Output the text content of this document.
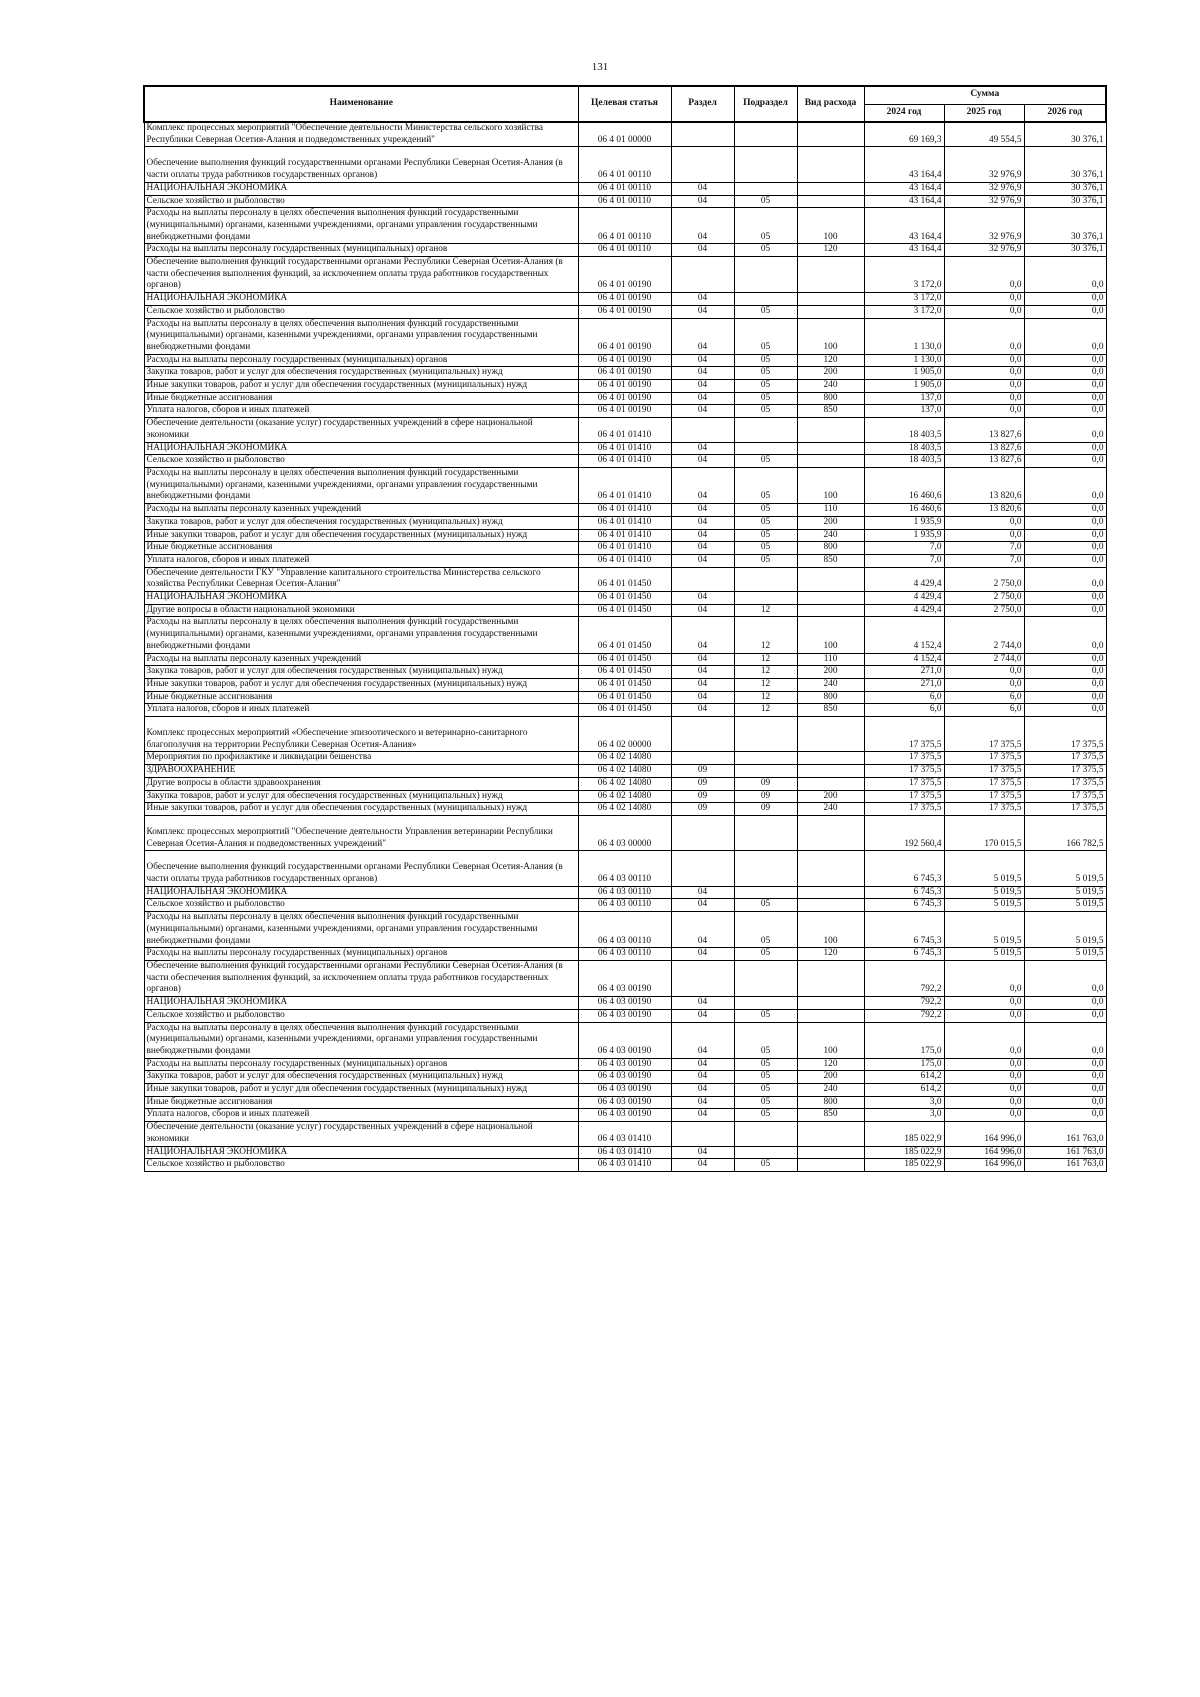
131
Наименование	Целевая статья	Раздел	Подраздел	Вид расхода	Сумма		
					2024 год	2025 год	2026 год
Комплекс процессных мероприятий "Обеспечение деятельности Министерства сельского хозяйства Республики Северная Осетия-Алания и подведомственных учреждений"	06 4 01 00000				69 169,3	49 554,5	30 376,1
Обеспечение выполнения функций государственными органами Республики Северная Осетия-Алания (в части оплаты труда работников государственных органов)	06 4 01 00110				43 164,4	32 976,9	30 376,1
НАЦИОНАЛЬНАЯ ЭКОНОМИКА	06 4 01 00110	04			43 164,4	32 976,9	30 376,1
Сельское хозяйство и рыболовство	06 4 01 00110	04	05		43 164,4	32 976,9	30 376,1
Расходы на выплаты персоналу в целях обеспечения выполнения функций государственными (муниципальными) органами, казенными учреждениями, органами управления государственными внебюджетными фондами	06 4 01 00110	04	05	100	43 164,4	32 976,9	30 376,1
Расходы на выплаты персоналу государственных (муниципальных) органов	06 4 01 00110	04	05	120	43 164,4	32 976,9	30 376,1
Обеспечение выполнения функций государственными органами Республики Северная Осетия-Алания (в части обеспечения выполнения функций, за исключением оплаты труда работников государственных органов)	06 4 01 00190				3 172,0	0,0	0,0
НАЦИОНАЛЬНАЯ ЭКОНОМИКА	06 4 01 00190	04			3 172,0	0,0	0,0
Сельское хозяйство и рыболовство	06 4 01 00190	04	05		3 172,0	0,0	0,0
Расходы на выплаты персоналу в целях обеспечения выполнения функций государственными (муниципальными) органами, казенными учреждениями, органами управления государственными внебюджетными фондами	06 4 01 00190	04	05	100	1 130,0	0,0	0,0
Расходы на выплаты персоналу государственных (муниципальных) органов	06 4 01 00190	04	05	120	1 130,0	0,0	0,0
Закупка товаров, работ и услуг для обеспечения государственных (муниципальных) нужд	06 4 01 00190	04	05	200	1 905,0	0,0	0,0
Иные закупки товаров, работ и услуг для обеспечения государственных (муниципальных) нужд	06 4 01 00190	04	05	240	1 905,0	0,0	0,0
Иные бюджетные ассигнования	06 4 01 00190	04	05	800	137,0	0,0	0,0
Уплата налогов, сборов и иных платежей	06 4 01 00190	04	05	850	137,0	0,0	0,0
Обеспечение деятельности (оказание услуг) государственных учреждений в сфере национальной экономики	06 4 01 01410				18 403,5	13 827,6	0,0
НАЦИОНАЛЬНАЯ ЭКОНОМИКА	06 4 01 01410	04			18 403,5	13 827,6	0,0
Сельское хозяйство и рыболовство	06 4 01 01410	04	05		18 403,5	13 827,6	0,0
Расходы на выплаты персоналу в целях обеспечения выполнения функций государственными (муниципальными) органами, казенными учреждениями, органами управления государственными внебюджетными фондами	06 4 01 01410	04	05	100	16 460,6	13 820,6	0,0
Расходы на выплаты персоналу казенных учреждений	06 4 01 01410	04	05	110	16 460,6	13 820,6	0,0
Закупка товаров, работ и услуг для обеспечения государственных (муниципальных) нужд	06 4 01 01410	04	05	200	1 935,9	0,0	0,0
Иные закупки товаров, работ и услуг для обеспечения государственных (муниципальных) нужд	06 4 01 01410	04	05	240	1 935,9	0,0	0,0
Иные бюджетные ассигнования	06 4 01 01410	04	05	800	7,0	7,0	0,0
Уплата налогов, сборов и иных платежей	06 4 01 01410	04	05	850	7,0	7,0	0,0
Обеспечение деятельности ГКУ "Управление капитального строительства Министерства сельского хозяйства Республики Северная Осетия-Алания"	06 4 01 01450				4 429,4	2 750,0	0,0
НАЦИОНАЛЬНАЯ ЭКОНОМИКА	06 4 01 01450	04			4 429,4	2 750,0	0,0
Другие вопросы в области национальной экономики	06 4 01 01450	04	12		4 429,4	2 750,0	0,0
Расходы на выплаты персоналу в целях обеспечения выполнения функций государственными (муниципальными) органами, казенными учреждениями, органами управления государственными внебюджетными фондами	06 4 01 01450	04	12	100	4 152,4	2 744,0	0,0
Расходы на выплаты персоналу казенных учреждений	06 4 01 01450	04	12	110	4 152,4	2 744,0	0,0
Закупка товаров, работ и услуг для обеспечения государственных (муниципальных) нужд	06 4 01 01450	04	12	200	271,0	0,0	0,0
Иные закупки товаров, работ и услуг для обеспечения государственных (муниципальных) нужд	06 4 01 01450	04	12	240	271,0	0,0	0,0
Иные бюджетные ассигнования	06 4 01 01450	04	12	800	6,0	6,0	0,0
Уплата налогов, сборов и иных платежей	06 4 01 01450	04	12	850	6,0	6,0	0,0
Комплекс процессных мероприятий «Обеспечение эпизоотического и ветеринарно-санитарного благополучия на территории Республики Северная Осетия-Алания»	06 4 02 00000				17 375,5	17 375,5	17 375,5
Мероприятия по профилактике и ликвидации бешенства	06 4 02 14080				17 375,5	17 375,5	17 375,5
ЗДРАВООХРАНЕНИЕ	06 4 02 14080	09			17 375,5	17 375,5	17 375,5
Другие вопросы в области здравоохранения	06 4 02 14080	09	09		17 375,5	17 375,5	17 375,5
Закупка товаров, работ и услуг для обеспечения государственных (муниципальных) нужд	06 4 02 14080	09	09	200	17 375,5	17 375,5	17 375,5
Иные закупки товаров, работ и услуг для обеспечения государственных (муниципальных) нужд	06 4 02 14080	09	09	240	17 375,5	17 375,5	17 375,5
Комплекс процессных мероприятий "Обеспечение деятельности Управления ветеринарии Республики Северная Осетия-Алания и подведомственных учреждений"	06 4 03 00000				192 560,4	170 015,5	166 782,5
Обеспечение выполнения функций государственными органами Республики Северная Осетия-Алания (в части оплаты труда работников государственных органов)	06 4 03 00110				6 745,3	5 019,5	5 019,5
НАЦИОНАЛЬНАЯ ЭКОНОМИКА	06 4 03 00110	04			6 745,3	5 019,5	5 019,5
Сельское хозяйство и рыболовство	06 4 03 00110	04	05		6 745,3	5 019,5	5 019,5
Расходы на выплаты персоналу в целях обеспечения выполнения функций государственными (муниципальными) органами, казенными учреждениями, органами управления государственными внебюджетными фондами	06 4 03 00110	04	05	100	6 745,3	5 019,5	5 019,5
Расходы на выплаты персоналу государственных (муниципальных) органов	06 4 03 00110	04	05	120	6 745,3	5 019,5	5 019,5
Обеспечение выполнения функций государственными органами Республики Северная Осетия-Алания (в части обеспечения выполнения функций, за исключением оплаты труда работников государственных органов)	06 4 03 00190				792,2	0,0	0,0
НАЦИОНАЛЬНАЯ ЭКОНОМИКА	06 4 03 00190	04			792,2	0,0	0,0
Сельское хозяйство и рыболовство	06 4 03 00190	04	05		792,2	0,0	0,0
Расходы на выплаты персоналу в целях обеспечения выполнения функций государственными (муниципальными) органами, казенными учреждениями, органами управления государственными внебюджетными фондами	06 4 03 00190	04	05	100	175,0	0,0	0,0
Расходы на выплаты персоналу государственных (муниципальных) органов	06 4 03 00190	04	05	120	175,0	0,0	0,0
Закупка товаров, работ и услуг для обеспечения государственных (муниципальных) нужд	06 4 03 00190	04	05	200	614,2	0,0	0,0
Иные закупки товаров, работ и услуг для обеспечения государственных (муниципальных) нужд	06 4 03 00190	04	05	240	614,2	0,0	0,0
Иные бюджетные ассигнования	06 4 03 00190	04	05	800	3,0	0,0	0,0
Уплата налогов, сборов и иных платежей	06 4 03 00190	04	05	850	3,0	0,0	0,0
Обеспечение деятельности (оказание услуг) государственных учреждений в сфере национальной экономики	06 4 03 01410				185 022,9	164 996,0	161 763,0
НАЦИОНАЛЬНАЯ ЭКОНОМИКА	06 4 03 01410	04			185 022,9	164 996,0	161 763,0
Сельское хозяйство и рыболовство	06 4 03 01410	04	05		185 022,9	164 996,0	161 763,0
